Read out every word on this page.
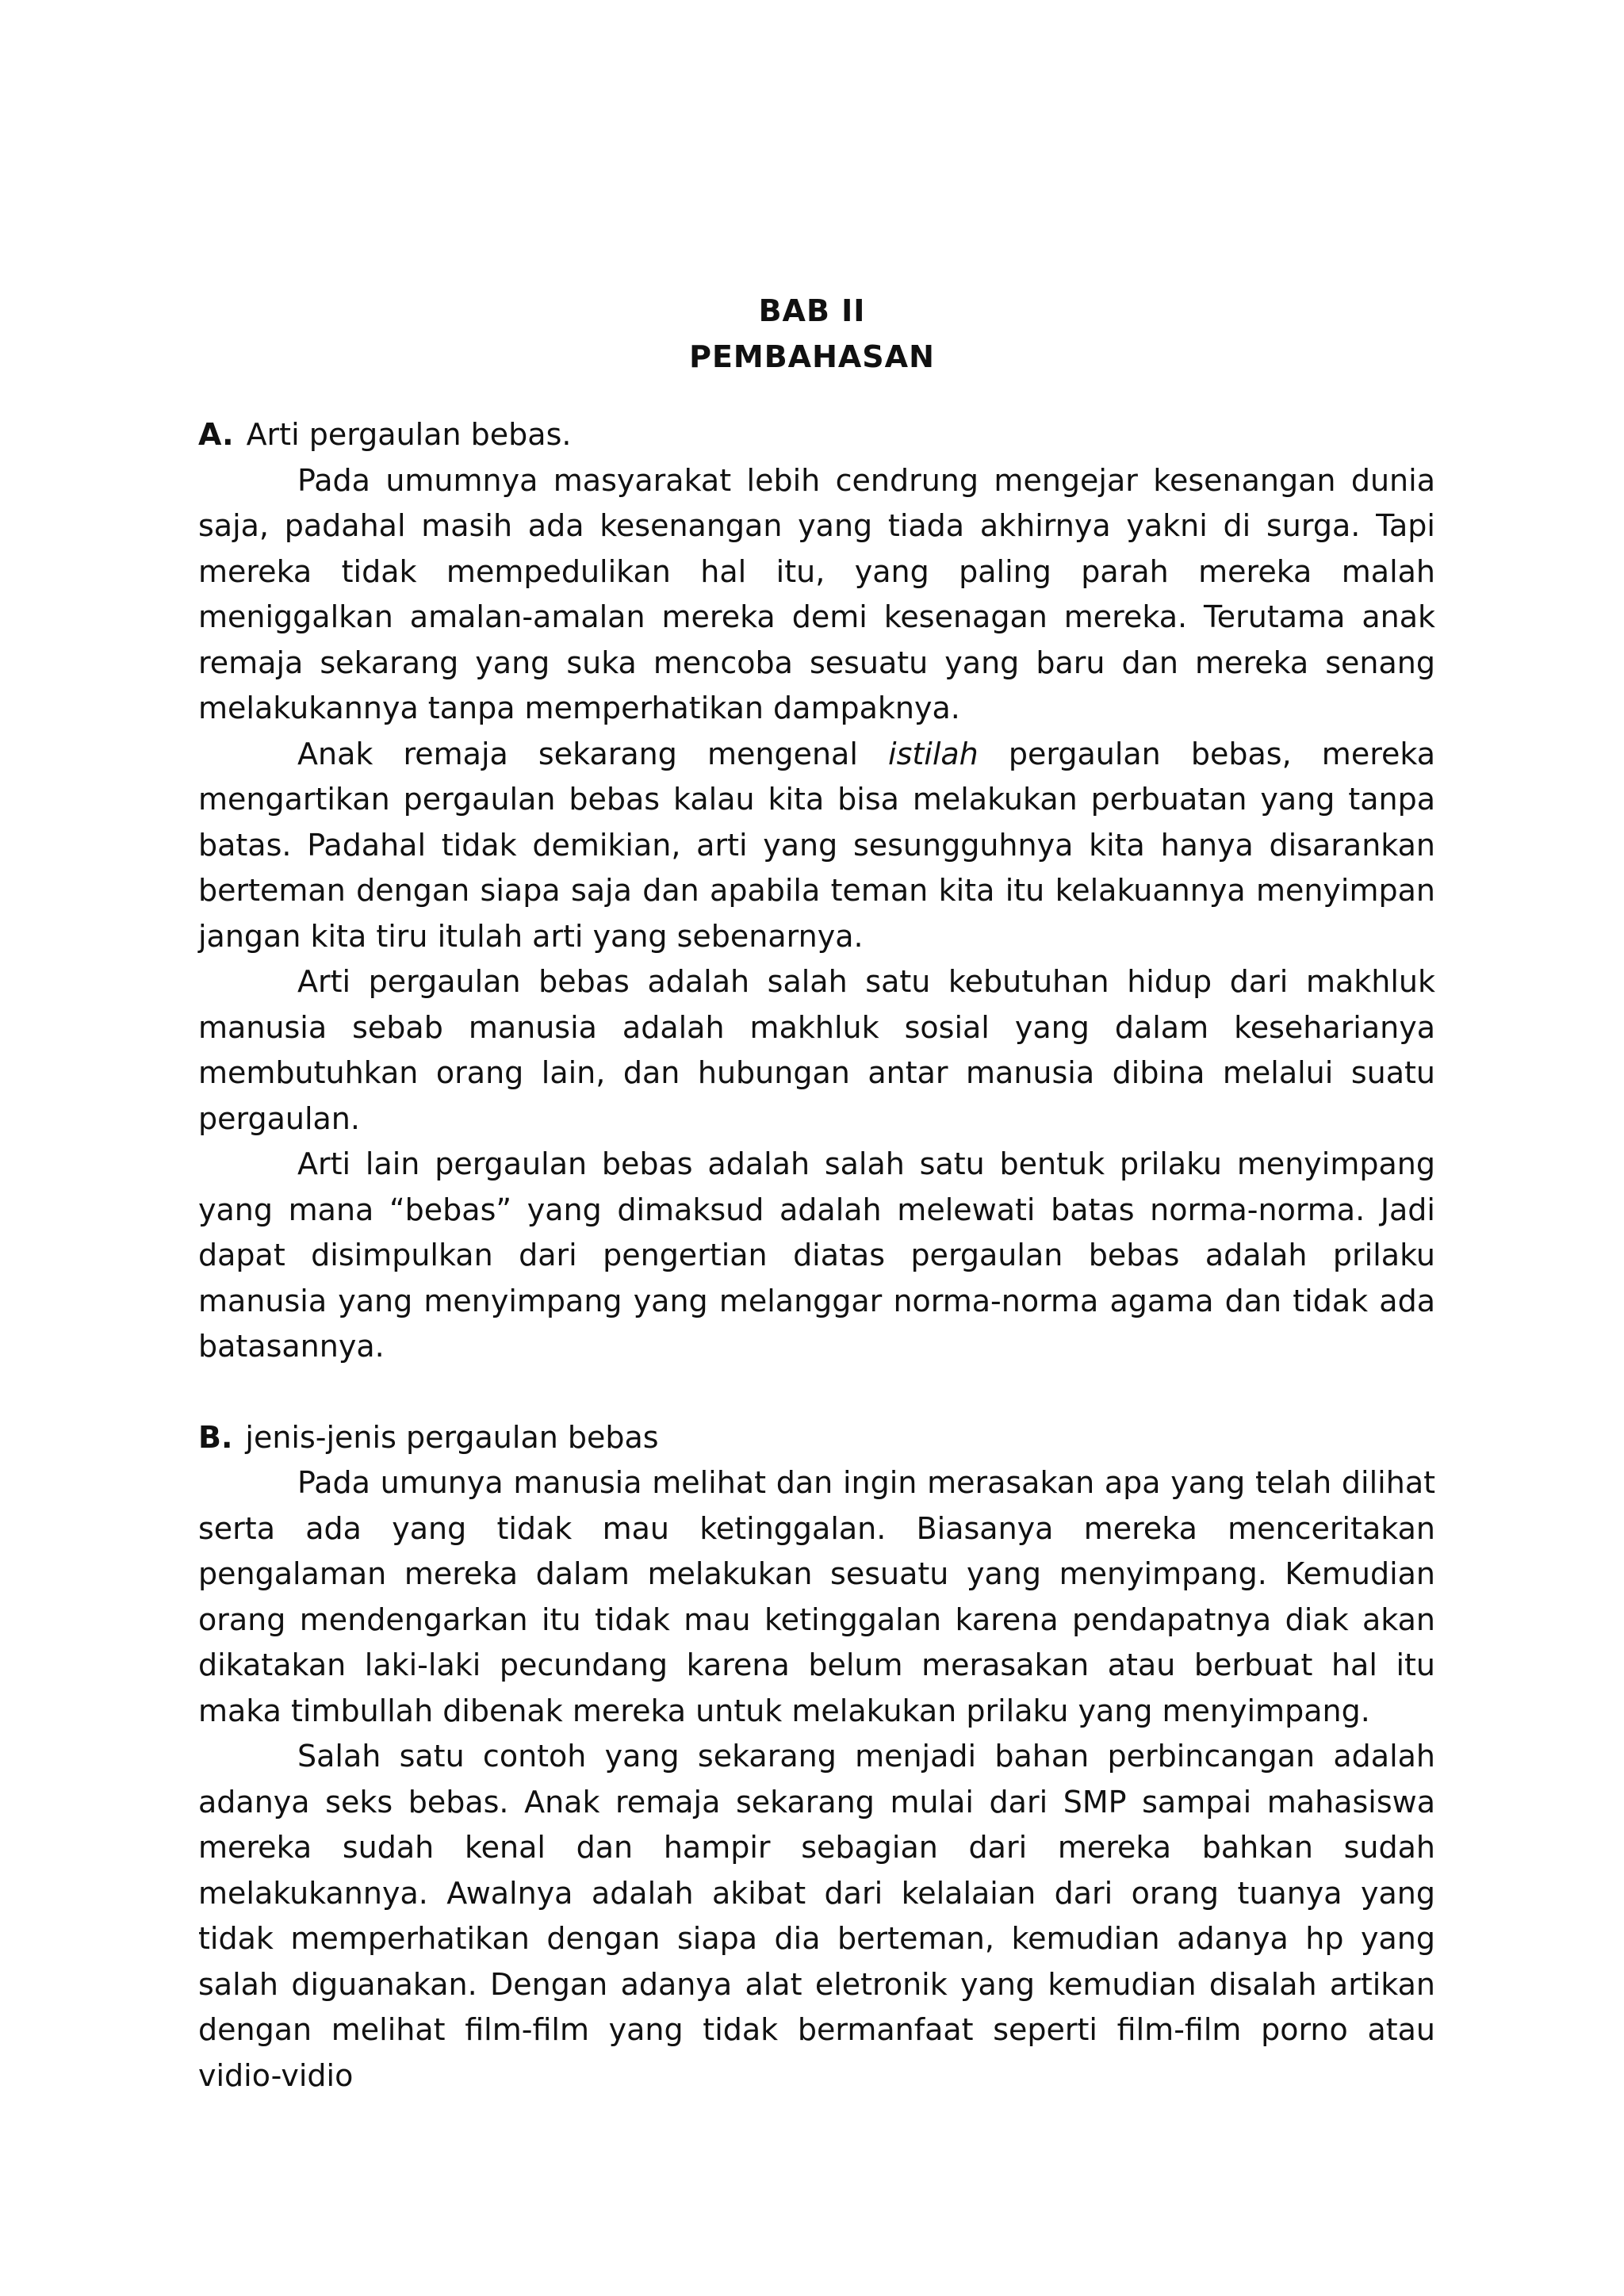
BAB II
PEMBAHASAN
A. Arti pergaulan bebas.

Pada umumnya masyarakat lebih cendrung mengejar kesenangan dunia saja, padahal masih ada kesenangan yang tiada akhirnya yakni di surga. Tapi mereka tidak mempedulikan hal itu, yang paling parah mereka malah meniggalkan amalan-amalan mereka demi kesenagan mereka. Terutama anak remaja sekarang yang suka mencoba sesuatu yang baru dan mereka senang melakukannya tanpa memperhatikan dampaknya.

Anak remaja sekarang mengenal istilah pergaulan bebas, mereka mengartikan pergaulan bebas kalau kita bisa melakukan perbuatan yang tanpa batas. Padahal tidak demikian, arti yang sesungguhnya kita hanya disarankan berteman dengan siapa saja dan apabila teman kita itu kelakuannya menyimpan jangan kita tiru itulah arti yang sebenarnya.

Arti pergaulan bebas adalah salah satu kebutuhan hidup dari makhluk manusia sebab manusia adalah makhluk sosial yang dalam keseharianya membutuhkan orang lain, dan hubungan antar manusia dibina melalui suatu pergaulan.

Arti lain pergaulan bebas adalah salah satu bentuk prilaku menyimpang yang mana “bebas” yang dimaksud adalah melewati batas norma-norma. Jadi dapat disimpulkan dari pengertian diatas pergaulan bebas adalah prilaku manusia yang menyimpang yang melanggar norma-norma agama dan tidak ada batasannya.

B. jenis-jenis pergaulan bebas

Pada umunya manusia melihat dan ingin merasakan apa yang telah dilihat serta ada yang tidak mau ketinggalan. Biasanya mereka menceritakan pengalaman mereka dalam melakukan sesuatu yang menyimpang. Kemudian orang mendengarkan itu tidak mau ketinggalan karena pendapatnya diak akan dikatakan laki-laki pecundang karena belum merasakan atau berbuat hal itu maka timbullah dibenak mereka untuk melakukan prilaku yang menyimpang.

Salah satu contoh yang sekarang menjadi bahan perbincangan adalah adanya seks bebas. Anak remaja sekarang mulai dari SMP sampai mahasiswa mereka sudah kenal dan hampir sebagian dari mereka bahkan sudah melakukannya. Awalnya adalah akibat dari kelalaian dari orang tuanya yang tidak memperhatikan dengan siapa dia berteman, kemudian adanya hp yang salah diguanakan. Dengan adanya alat eletronik yang kemudian disalah artikan dengan melihat film-film yang tidak bermanfaat seperti film-film porno atau vidio-vidio
